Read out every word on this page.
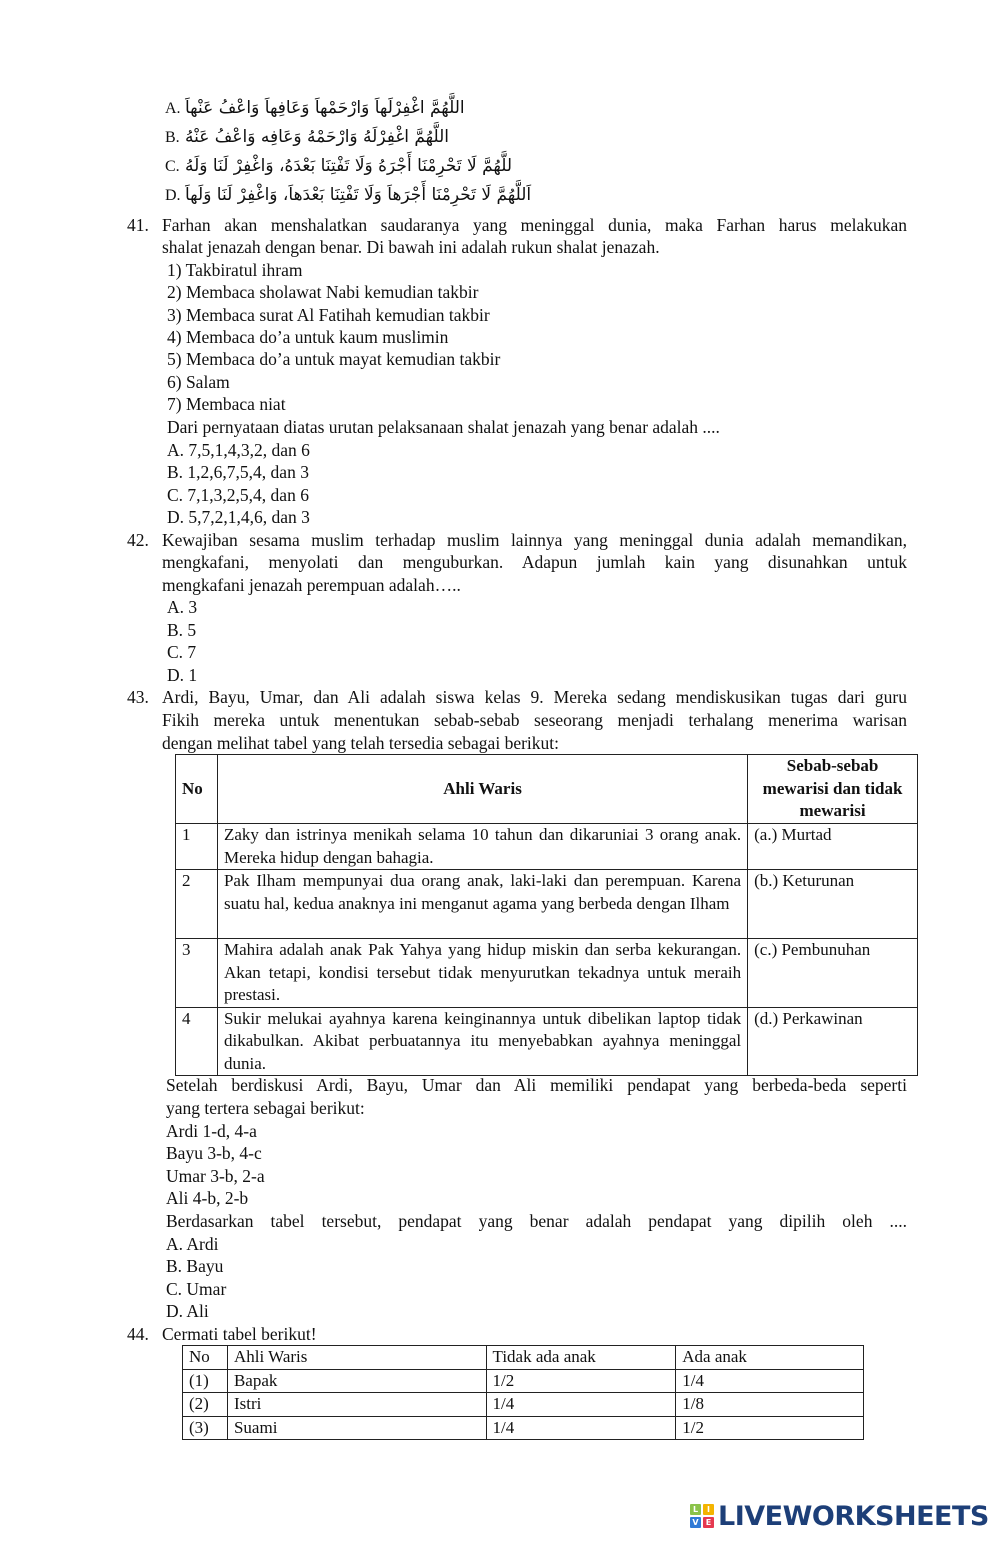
A. اللَّهُمَّ اغْفِرْلَهاَ وَارْحَمْهاَ وَعَافِهاَ وَاعْفُ عَنْهاَ
B. اللَّهُمَّ اغْفِرْلَهُ وَارْحَمْهُ وَعَافِه وَاعْفُ عَنْهُ
C. للَّهُمَّ لَا تَحْرِمْنَا أَجْرَهُ وَلَا تَفْتِنَا بَعْدَهُ، وَاغْفِرْ لَنَا وَلَهُ
D. اَللَّهُمَّ لَا تَحْرِمْنَا أَجْرَهاَ وَلَا تَفْتِنَا بَعْدَهاَ، وَاغْفِرْ لَنَا وَلَهاَ
41. Farhan akan menshalatkan saudaranya yang meninggal dunia, maka Farhan harus melakukan
shalat jenazah dengan benar. Di bawah ini adalah rukun shalat jenazah.
1) Takbiratul ihram
2) Membaca sholawat Nabi kemudian takbir
3) Membaca surat Al Fatihah kemudian takbir
4) Membaca do’a untuk kaum muslimin
5) Membaca do’a untuk mayat kemudian takbir
6) Salam
7) Membaca niat
Dari pernyataan diatas urutan pelaksanaan shalat jenazah yang benar adalah ....
A. 7,5,1,4,3,2, dan 6
B. 1,2,6,7,5,4, dan 3
C. 7,1,3,2,5,4, dan 6
D. 5,7,2,1,4,6, dan 3
42. Kewajiban sesama muslim terhadap muslim lainnya yang meninggal dunia adalah memandikan,
mengkafani, menyolati dan menguburkan. Adapun jumlah kain yang disunahkan untuk
mengkafani jenazah perempuan adalah…..
A. 3
B. 5
C. 7
D. 1
43. Ardi, Bayu, Umar, dan Ali adalah siswa kelas 9. Mereka sedang mendiskusikan tugas dari guru
Fikih mereka untuk menentukan sebab-sebab seseorang menjadi terhalang menerima warisan
dengan melihat tabel yang telah tersedia sebagai berikut:
No	Ahli Waris	Sebab-sebab mewarisi dan tidak mewarisi
1	Zaky dan istrinya menikah selama 10 tahun dan dikaruniai 3 orang anak. Mereka hidup dengan bahagia.	(a.) Murtad
2	Pak Ilham mempunyai dua orang anak, laki-laki dan perempuan. Karena suatu hal, kedua anaknya ini menganut agama yang berbeda dengan Ilham	(b.) Keturunan
3	Mahira adalah anak Pak Yahya yang hidup miskin dan serba kekurangan. Akan tetapi, kondisi tersebut tidak menyurutkan tekadnya untuk meraih prestasi.	(c.) Pembunuhan
4	Sukir melukai ayahnya karena keinginannya untuk dibelikan laptop tidak dikabulkan. Akibat perbuatannya itu menyebabkan ayahnya meninggal dunia.	(d.) Perkawinan
Setelah berdiskusi Ardi, Bayu, Umar dan Ali memiliki pendapat yang berbeda-beda seperti
yang tertera sebagai berikut:
Ardi 1-d, 4-a
Bayu 3-b, 4-c
Umar 3-b, 2-a
Ali 4-b, 2-b
Berdasarkan tabel tersebut, pendapat yang benar adalah pendapat yang dipilih oleh ....
A. Ardi
B. Bayu
C. Umar
D. Ali
44. Cermati tabel berikut!
No	Ahli Waris	Tidak ada anak	Ada anak
(1)	Bapak	1/2	1/4
(2)	Istri	1/4	1/8
(3)	Suami	1/4	1/2
L	I
V E LIVEWORKSHEETS
